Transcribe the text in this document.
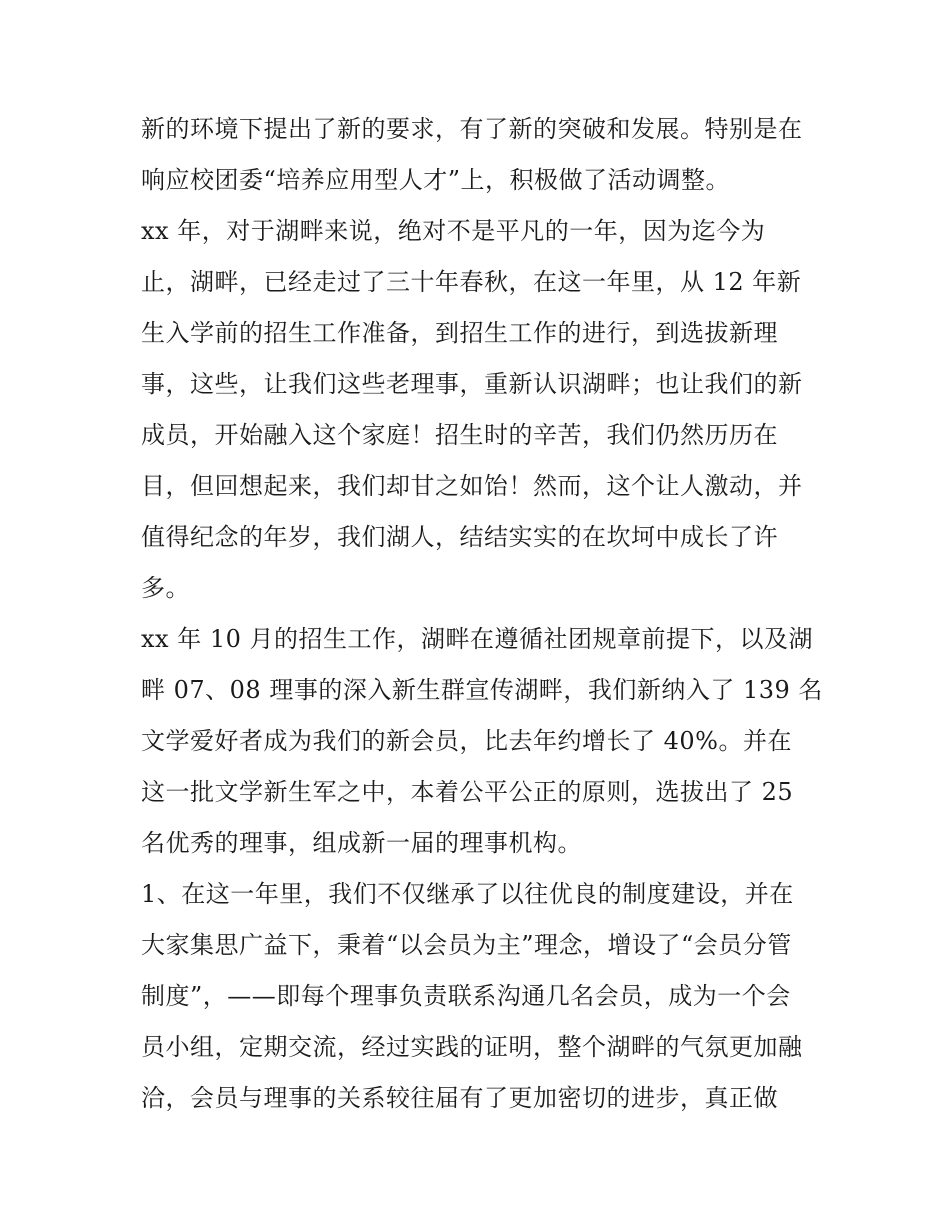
新的环境下提出了新的要求，有了新的突破和发展。特别是在
响应校团委“培养应用型人才”上，积极做了活动调整。
xx 年，对于湖畔来说，绝对不是平凡的一年，因为迄今为
止，湖畔，已经走过了三十年春秋，在这一年里，从 12 年新
生入学前的招生工作准备，到招生工作的进行，到选拔新理
事，这些，让我们这些老理事，重新认识湖畔；也让我们的新
成员，开始融入这个家庭！招生时的辛苦，我们仍然历历在
目，但回想起来，我们却甘之如饴！然而，这个让人激动，并
值得纪念的年岁，我们湖人，结结实实的在坎坷中成长了许
多。
xx 年 10 月的招生工作，湖畔在遵循社团规章前提下，以及湖
畔 07、08 理事的深入新生群宣传湖畔，我们新纳入了 139 名
文学爱好者成为我们的新会员，比去年约增长了 40%。并在
这一批文学新生军之中，本着公平公正的原则，选拔出了 25
名优秀的理事，组成新一届的理事机构。
1、在这一年里，我们不仅继承了以往优良的制度建设，并在
大家集思广益下，秉着“以会员为主”理念，增设了“会员分管
制度”，——即每个理事负责联系沟通几名会员，成为一个会
员小组，定期交流，经过实践的证明，整个湖畔的气氛更加融
洽，会员与理事的关系较往届有了更加密切的进步，真正做
